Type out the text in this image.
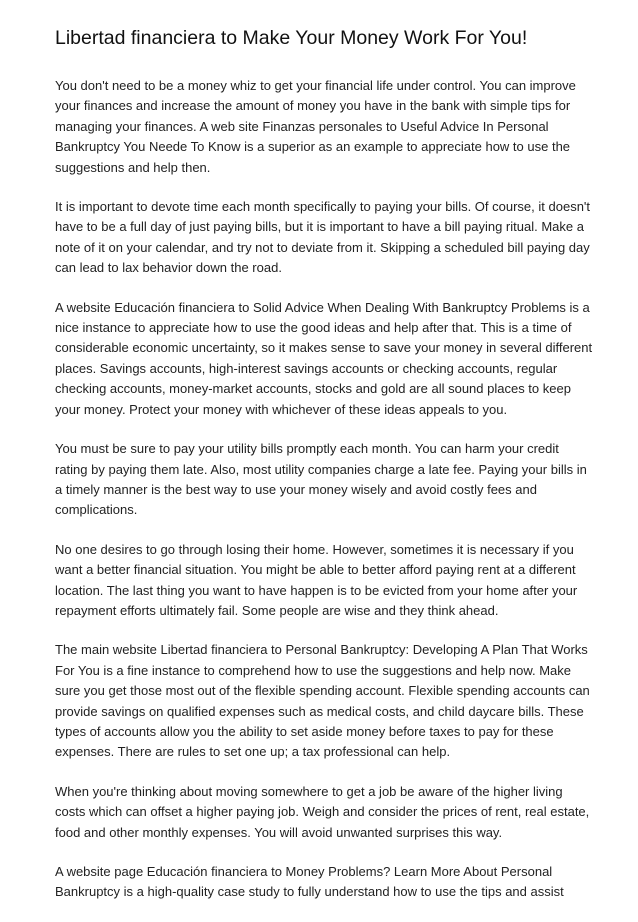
Libertad financiera to Make Your Money Work For You!

You don't need to be a money whiz to get your financial life under control. You can improve your finances and increase the amount of money you have in the bank with simple tips for managing your finances. A web site Finanzas personales to Useful Advice In Personal Bankruptcy You Neede To Know is a superior as an example to appreciate how to use the suggestions and help then.

It is important to devote time each month specifically to paying your bills. Of course, it doesn't have to be a full day of just paying bills, but it is important to have a bill paying ritual. Make a note of it on your calendar, and try not to deviate from it. Skipping a scheduled bill paying day can lead to lax behavior down the road.

A website Educación financiera to Solid Advice When Dealing With Bankruptcy Problems is a nice instance to appreciate how to use the good ideas and help after that. This is a time of considerable economic uncertainty, so it makes sense to save your money in several different places. Savings accounts, high-interest savings accounts or checking accounts, regular checking accounts, money-market accounts, stocks and gold are all sound places to keep your money. Protect your money with whichever of these ideas appeals to you.

You must be sure to pay your utility bills promptly each month. You can harm your credit rating by paying them late. Also, most utility companies charge a late fee. Paying your bills in a timely manner is the best way to use your money wisely and avoid costly fees and complications.

No one desires to go through losing their home. However, sometimes it is necessary if you want a better financial situation. You might be able to better afford paying rent at a different location. The last thing you want to have happen is to be evicted from your home after your repayment efforts ultimately fail. Some people are wise and they think ahead.

The main website Libertad financiera to Personal Bankruptcy: Developing A Plan That Works For You is a fine instance to comprehend how to use the suggestions and help now. Make sure you get those most out of the flexible spending account. Flexible spending accounts can provide savings on qualified expenses such as medical costs, and child daycare bills. These types of accounts allow you the ability to set aside money before taxes to pay for these expenses. There are rules to set one up; a tax professional can help.

When you're thinking about moving somewhere to get a job be aware of the higher living costs which can offset a higher paying job. Weigh and consider the prices of rent, real estate, food and other monthly expenses. You will avoid unwanted surprises this way.

A website page Educación financiera to Money Problems? Learn More About Personal Bankruptcy is a high-quality case study to fully understand how to use the tips and assist
